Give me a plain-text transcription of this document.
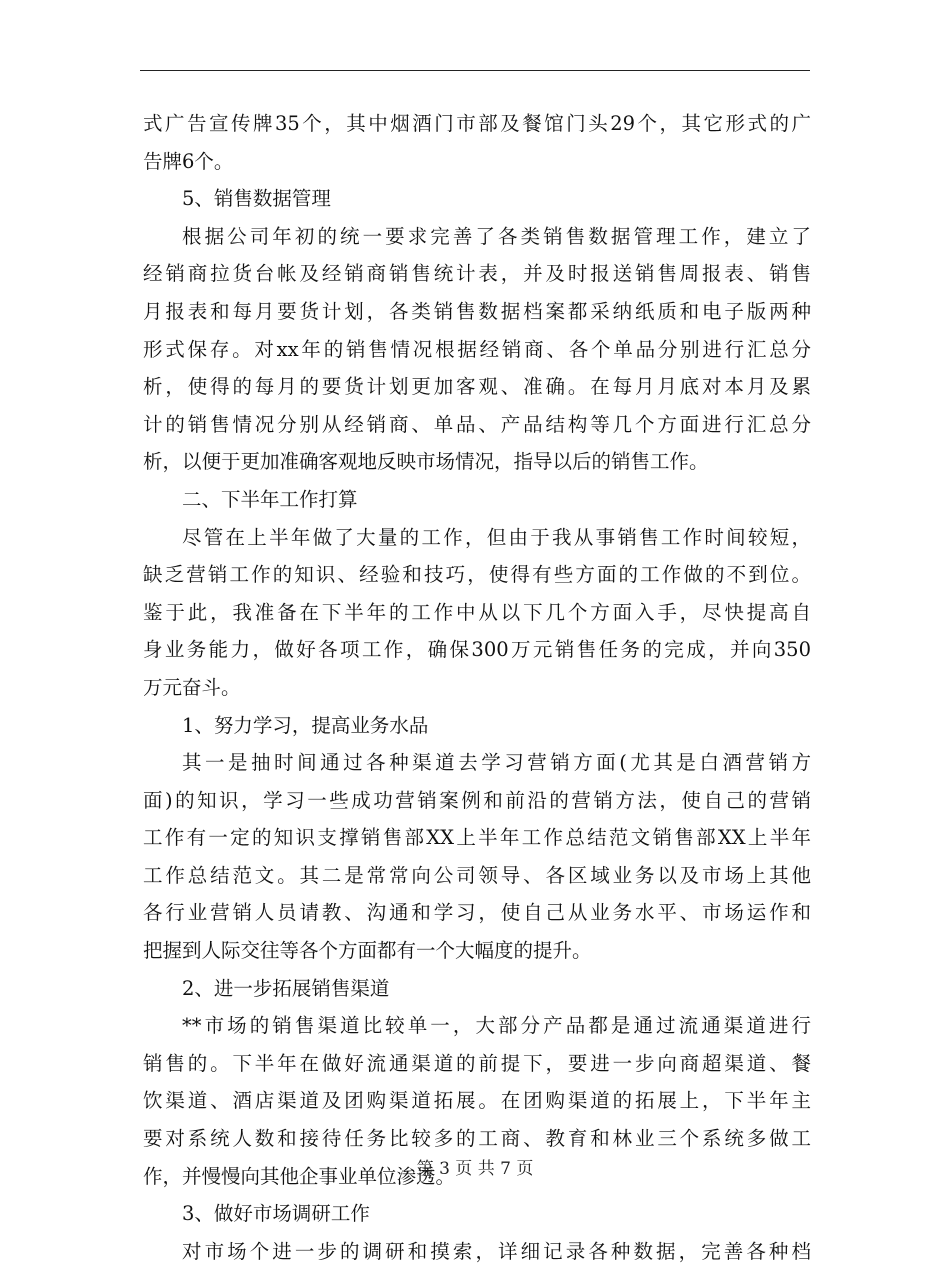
式广告宣传牌35个，其中烟酒门市部及餐馆门头29个，其它形式的广
告牌6个。
5、销售数据管理
根据公司年初的统一要求完善了各类销售数据管理工作，建立了
经销商拉货台帐及经销商销售统计表，并及时报送销售周报表、销售
月报表和每月要货计划，各类销售数据档案都采纳纸质和电子版两种
形式保存。对xx年的销售情况根据经销商、各个单品分别进行汇总分
析，使得的每月的要货计划更加客观、准确。在每月月底对本月及累
计的销售情况分别从经销商、单品、产品结构等几个方面进行汇总分
析，以便于更加准确客观地反映市场情况，指导以后的销售工作。
二、下半年工作打算
尽管在上半年做了大量的工作，但由于我从事销售工作时间较短，
缺乏营销工作的知识、经验和技巧，使得有些方面的工作做的不到位。
鉴于此，我准备在下半年的工作中从以下几个方面入手，尽快提高自
身业务能力，做好各项工作，确保300万元销售任务的完成，并向350
万元奋斗。
1、努力学习，提高业务水品
其一是抽时间通过各种渠道去学习营销方面(尤其是白酒营销方
面)的知识，学习一些成功营销案例和前沿的营销方法，使自己的营销
工作有一定的知识支撑销售部XX上半年工作总结范文销售部XX上半年
工作总结范文。其二是常常向公司领导、各区域业务以及市场上其他
各行业营销人员请教、沟通和学习，使自己从业务水平、市场运作和
把握到人际交往等各个方面都有一个大幅度的提升。
2、进一步拓展销售渠道
**市场的销售渠道比较单一，大部分产品都是通过流通渠道进行
销售的。下半年在做好流通渠道的前提下，要进一步向商超渠道、餐
饮渠道、酒店渠道及团购渠道拓展。在团购渠道的拓展上，下半年主
要对系统人数和接待任务比较多的工商、教育和林业三个系统多做工
作，并慢慢向其他企事业单位渗透。
3、做好市场调研工作
对市场个进一步的调研和摸索，详细记录各种数据，完善各种档
第 3 页 共 7 页
